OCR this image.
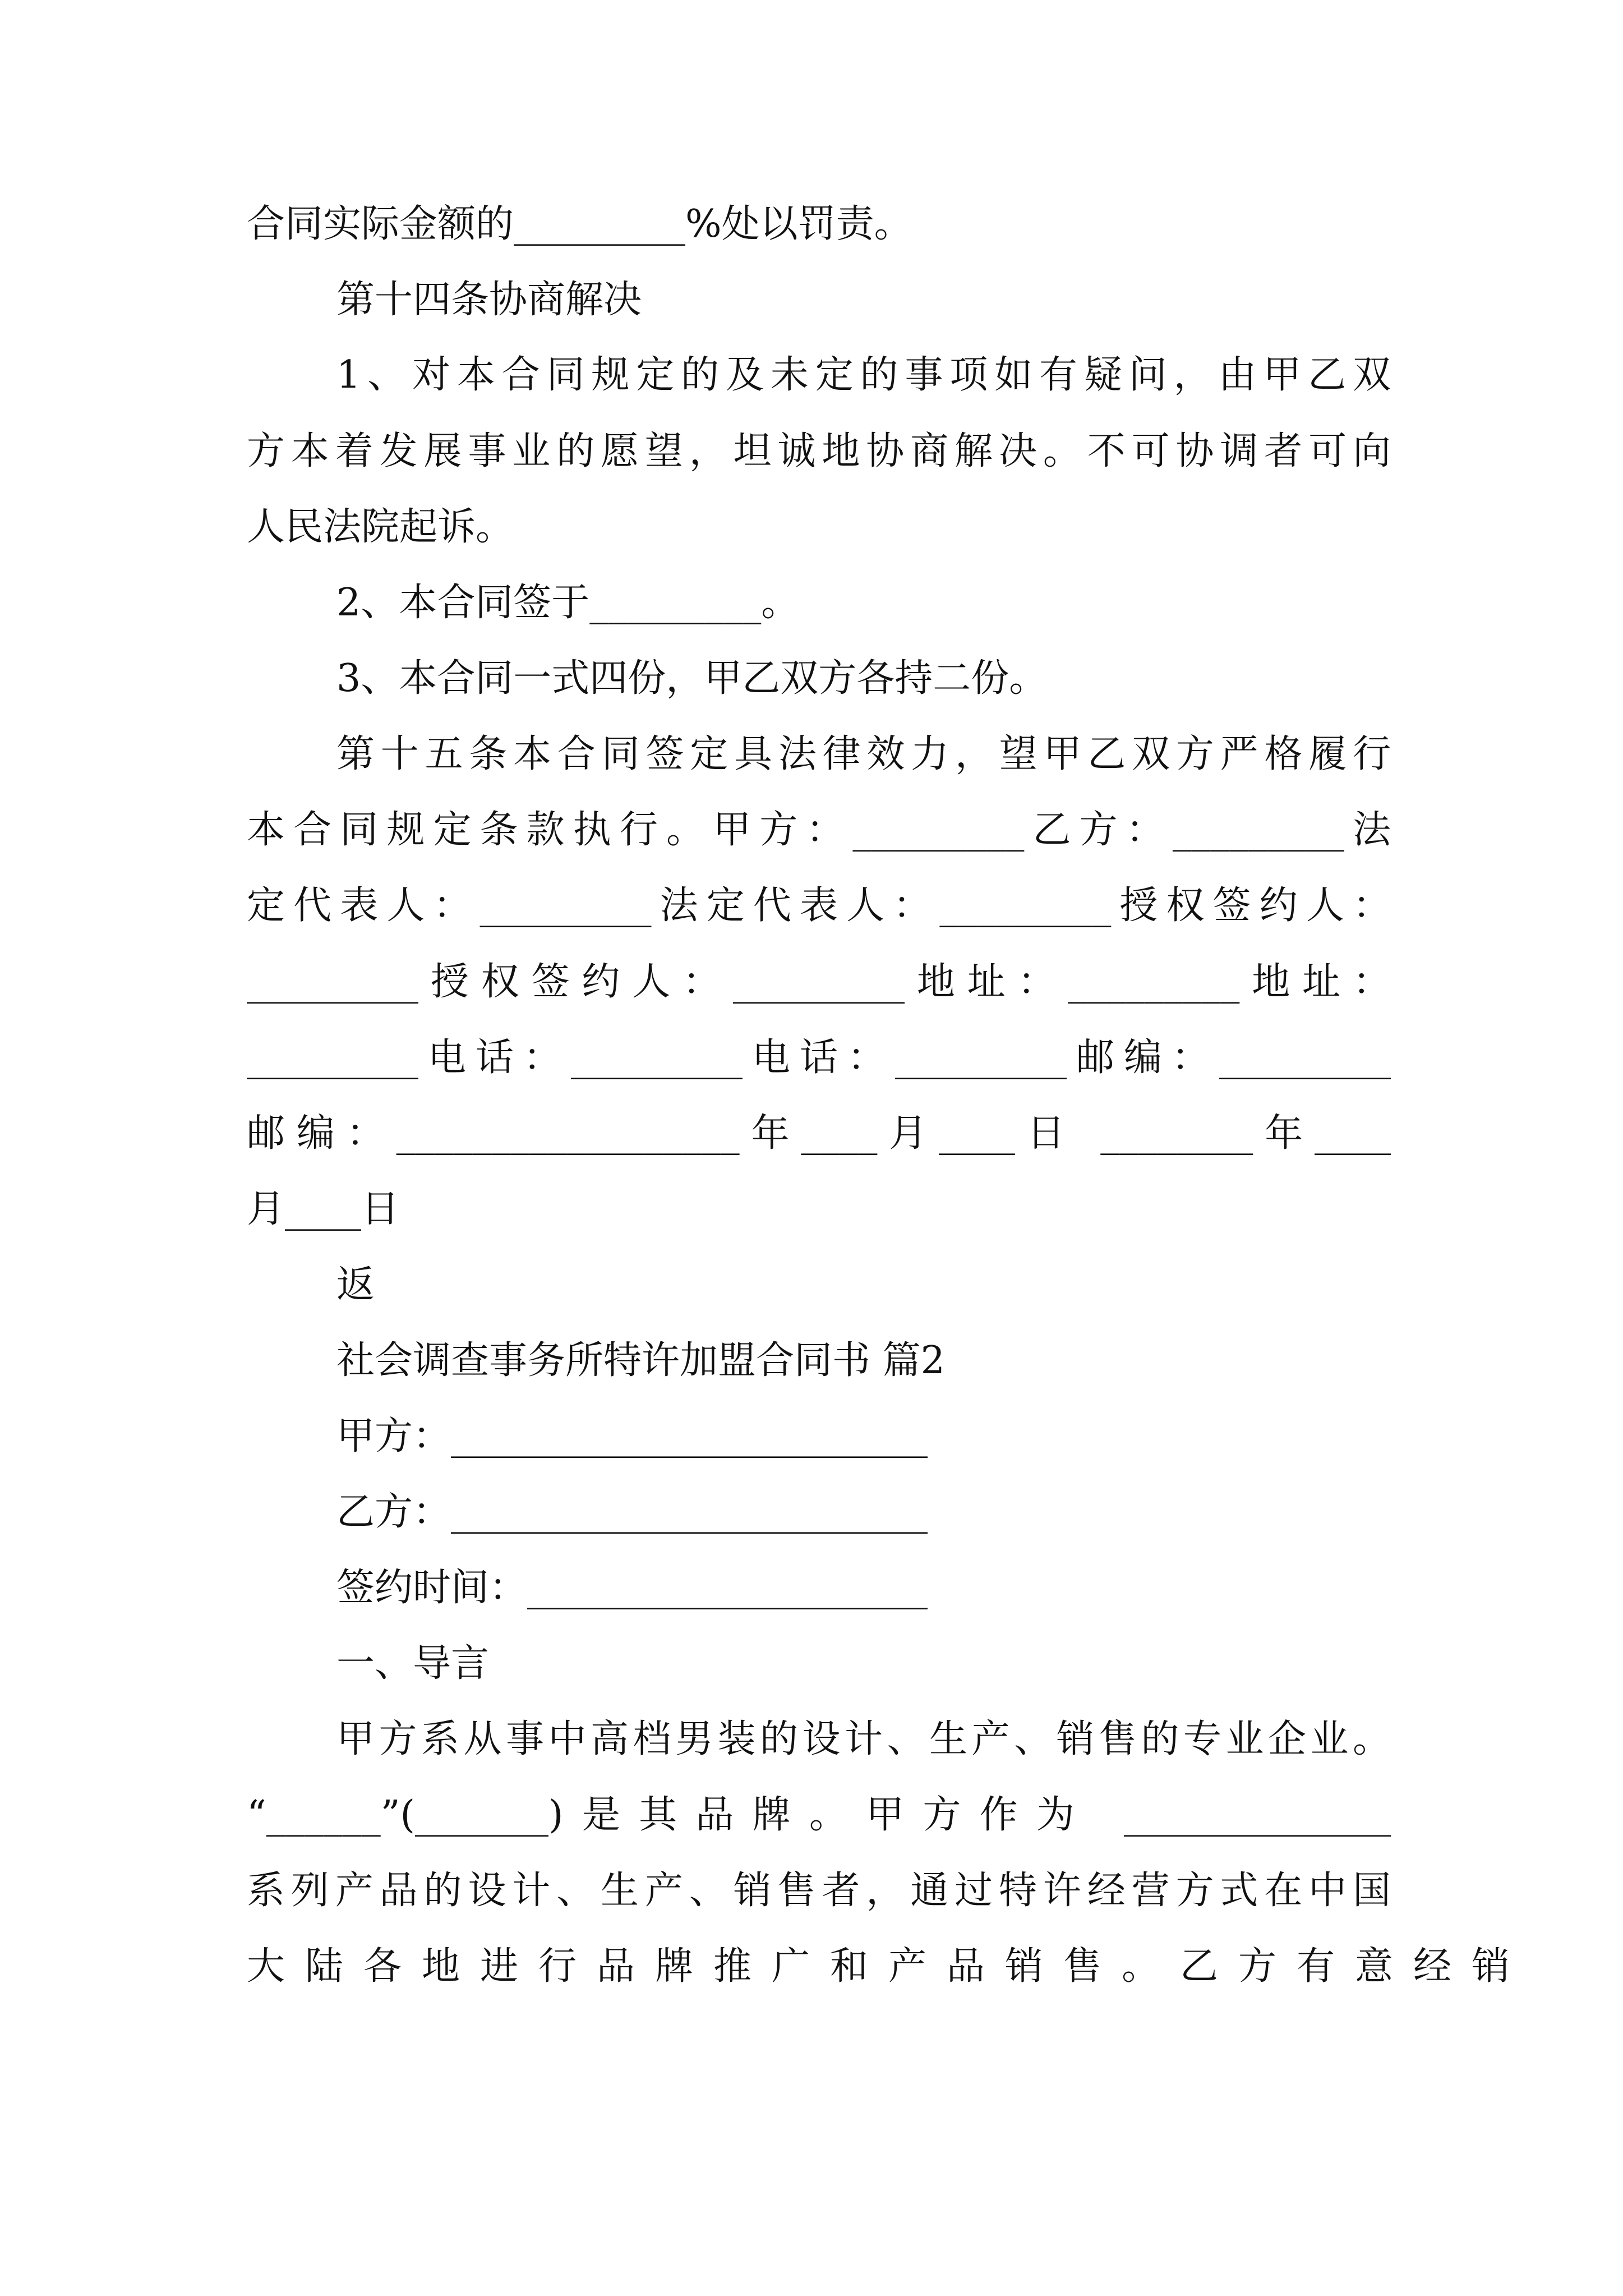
合同实际金额的_________%处以罚责。
第十四条协商解决
1、对本合同规定的及未定的事项如有疑问，由甲乙双
方本着发展事业的愿望，坦诚地协商解决。不可协调者可向
人民法院起诉。
2、本合同签于_________。
3、本合同一式四份，甲乙双方各持二份。
第十五条本合同签定具法律效力，望甲乙双方严格履行
本合同规定条款执行。甲方：_________乙方：_________法
定代表人：_________法定代表人：_________授权签约人：
_________授权签约人：_________地址：_________地址：
_________电话：_________电话：_________邮编：_________
邮编：__________________年____月____日 ________年____
月____日
返
社会调查事务所特许加盟合同书 篇2
甲方：_________________________
乙方：_________________________
签约时间：_____________________
一、导言
甲方系从事中高档男装的设计、生产、销售的专业企业。
“______”(_______)是其品牌。甲方作为 ______________
系列产品的设计、生产、销售者，通过特许经营方式在中国
大陆各地进行品牌推广和产品销售。乙方有意经销
